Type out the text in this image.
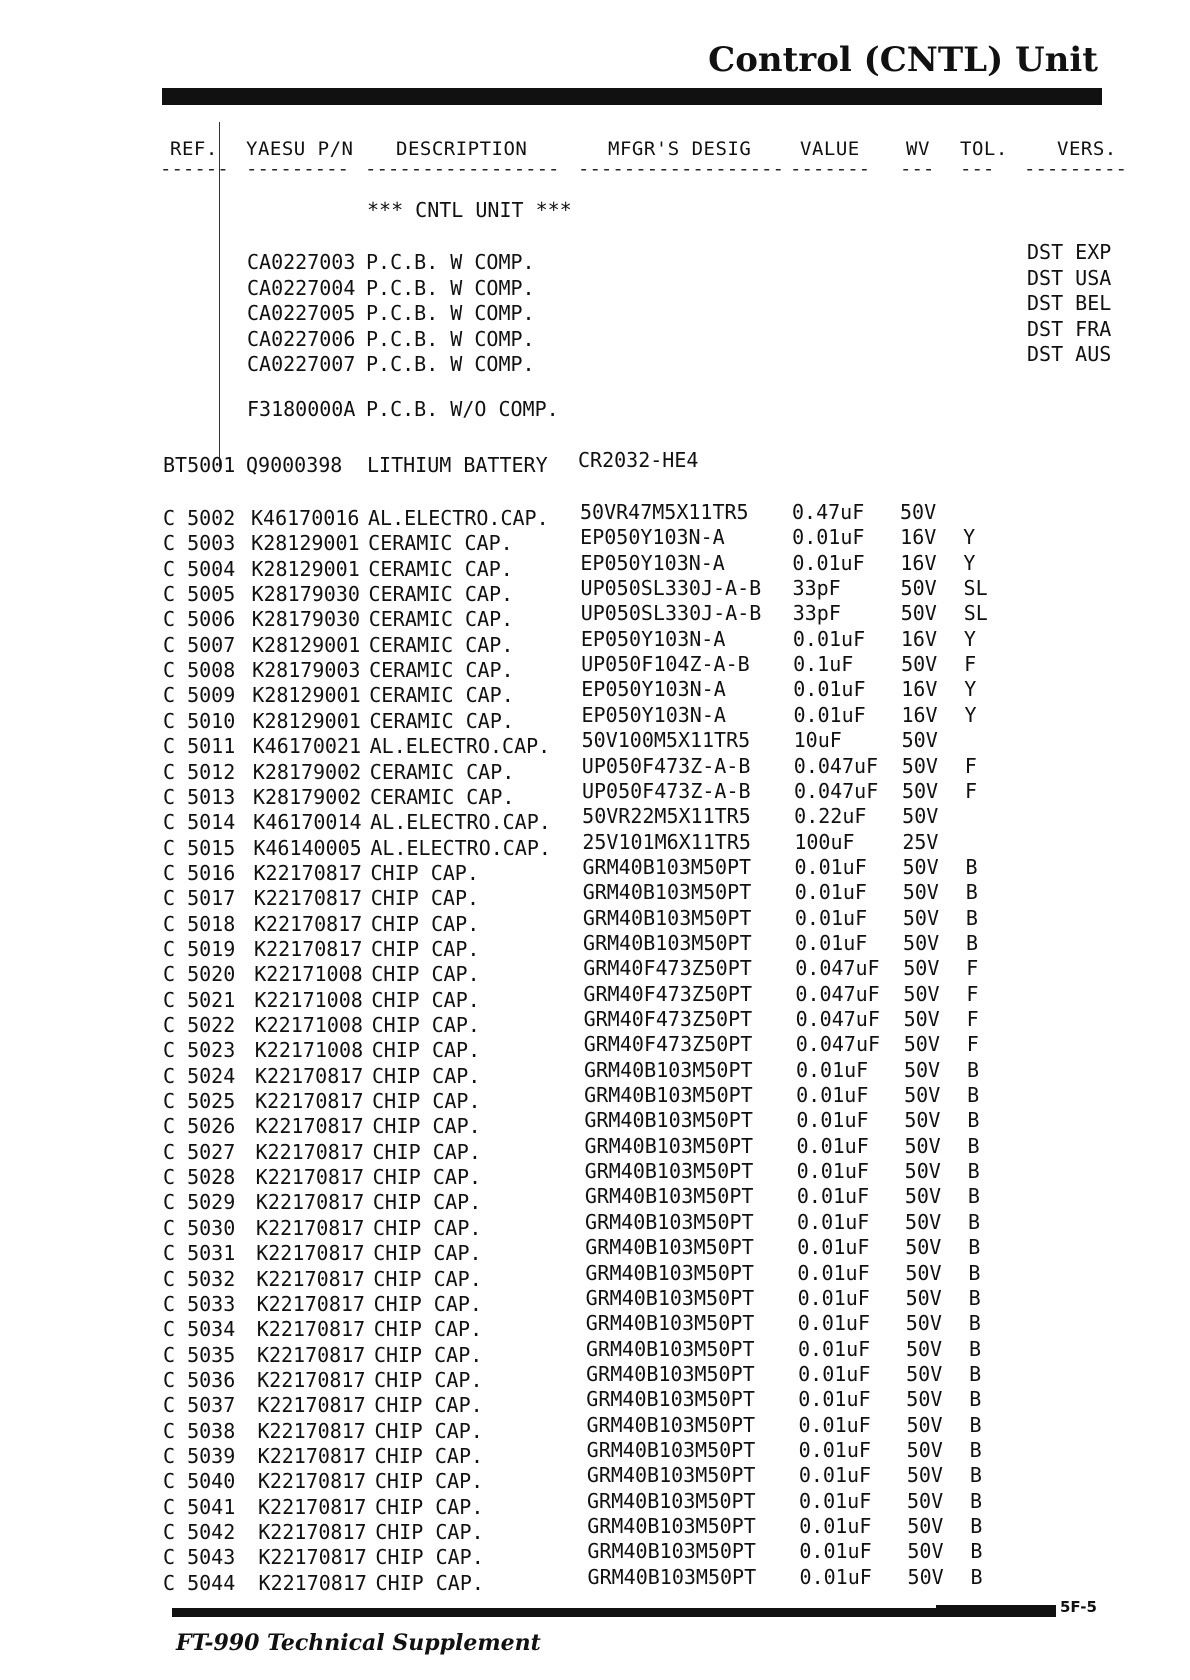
Control (CNTL) Unit
REF. YAESU P/N DESCRIPTION	MFGR'S DESIG	VALUE WV TOL.	VERS.
------ --------- ----------------- ------------------ ------- --- --- ---------
*** CNTL UNIT ***
CA0227003 P.C.B. W COMP.	DST EXP
CA0227004 P.C.B. W COMP.	DST USA
CA0227005 P.C.B. W COMP.	DST BEL
CA0227006 P.C.B. W COMP.	DST FRA
CA0227007 P.C.B. W COMP.	DST AUS
F3180000A P.C.B. W/O COMP.
BT5001 Q9000398 LITHIUM BATTERY CR2032-HE4
C 5002 K46170016 AL.ELECTRO.CAP. 50VR47M5X11TR5 0.47uF 50V
C 5003 K28129001 CERAMIC CAP.	EP050Y103N-A	0.01uF 16V Y
C 5004 K28129001 CERAMIC CAP.	EP050Y103N-A	0.01uF 16V Y
C 5005 K28179030 CERAMIC CAP.	UP050SL330J-A-B 33pF	50V SL
C 5006 K28179030 CERAMIC CAP.	UP050SL330J-A-B 33pF	50V SL
C 5007 K28129001 CERAMIC CAP.	EP050Y103N-A	0.01uF 16V Y
C 5008 K28179003 CERAMIC CAP.	UP050F104Z-A-B 0.1uF 50V F
C 5009 K28129001 CERAMIC CAP.	EP050Y103N-A	0.01uF 16V Y
C 5010 K28129001 CERAMIC CAP.	EP050Y103N-A	0.01uF 16V Y
C 5011 K46170021 AL.ELECTRO.CAP. 50V100M5X11TR5 10uF	50V
C 5012 K28179002 CERAMIC CAP.	UP050F473Z-A-B 0.047uF 50V F
C 5013 K28179002 CERAMIC CAP.	UP050F473Z-A-B 0.047uF 50V F
C 5014 K46170014 AL.ELECTRO.CAP. 50VR22M5X11TR5 0.22uF 50V
C 5015 K46140005 AL.ELECTRO.CAP. 25V101M6X11TR5 100uF 25V
C 5016 K22170817 CHIP CAP.	GRM40B103M50PT 0.01uF 50V B
C 5017 K22170817 CHIP CAP.	GRM40B103M50PT 0.01uF 50V B
C 5018 K22170817 CHIP CAP.	GRM40B103M50PT 0.01uF 50V B
C 5019 K22170817 CHIP CAP.	GRM40B103M50PT 0.01uF 50V B
C 5020 K22171008 CHIP CAP.	GRM40F473Z50PT 0.047uF 50V F
C 5021 K22171008 CHIP CAP.	GRM40F473Z50PT 0.047uF 50V F
C 5022 K22171008 CHIP CAP.	GRM40F473Z50PT 0.047uF 50V F
C 5023 K22171008 CHIP CAP.	GRM40F473Z50PT 0.047uF 50V F
C 5024 K22170817 CHIP CAP.	GRM40B103M50PT 0.01uF 50V B
C 5025 K22170817 CHIP CAP.	GRM40B103M50PT 0.01uF 50V B
C 5026 K22170817 CHIP CAP.	GRM40B103M50PT 0.01uF 50V B
C 5027 K22170817 CHIP CAP.	GRM40B103M50PT 0.01uF 50V B
C 5028 K22170817 CHIP CAP.	GRM40B103M50PT 0.01uF 50V B
C 5029 K22170817 CHIP CAP.	GRM40B103M50PT 0.01uF 50V B
C 5030 K22170817 CHIP CAP.	GRM40B103M50PT 0.01uF 50V B
C 5031 K22170817 CHIP CAP.	GRM40B103M50PT 0.01uF 50V B
C 5032 K22170817 CHIP CAP.	GRM40B103M50PT 0.01uF 50V B
C 5033 K22170817 CHIP CAP.	GRM40B103M50PT 0.01uF 50V B
C 5034 K22170817 CHIP CAP.	GRM40B103M50PT 0.01uF 50V B
C 5035 K22170817 CHIP CAP.	GRM40B103M50PT 0.01uF 50V B
C 5036 K22170817 CHIP CAP.	GRM40B103M50PT 0.01uF 50V B
C 5037 K22170817 CHIP CAP.	GRM40B103M50PT 0.01uF 50V B
C 5038 K22170817 CHIP CAP.	GRM40B103M50PT 0.01uF 50V B
C 5039 K22170817 CHIP CAP.	GRM40B103M50PT 0.01uF 50V B
C 5040 K22170817 CHIP CAP.	GRM40B103M50PT 0.01uF 50V B
C 5041 K22170817 CHIP CAP.	GRM40B103M50PT 0.01uF 50V B
C 5042 K22170817 CHIP CAP.	GRM40B103M50PT 0.01uF 50V B
C 5043 K22170817 CHIP CAP.	GRM40B103M50PT 0.01uF 50V B
C 5044 K22170817 CHIP CAP.	GRM40B103M50PT 0.01uF 50V B
5F-5
FT-990 Technical Supplement
